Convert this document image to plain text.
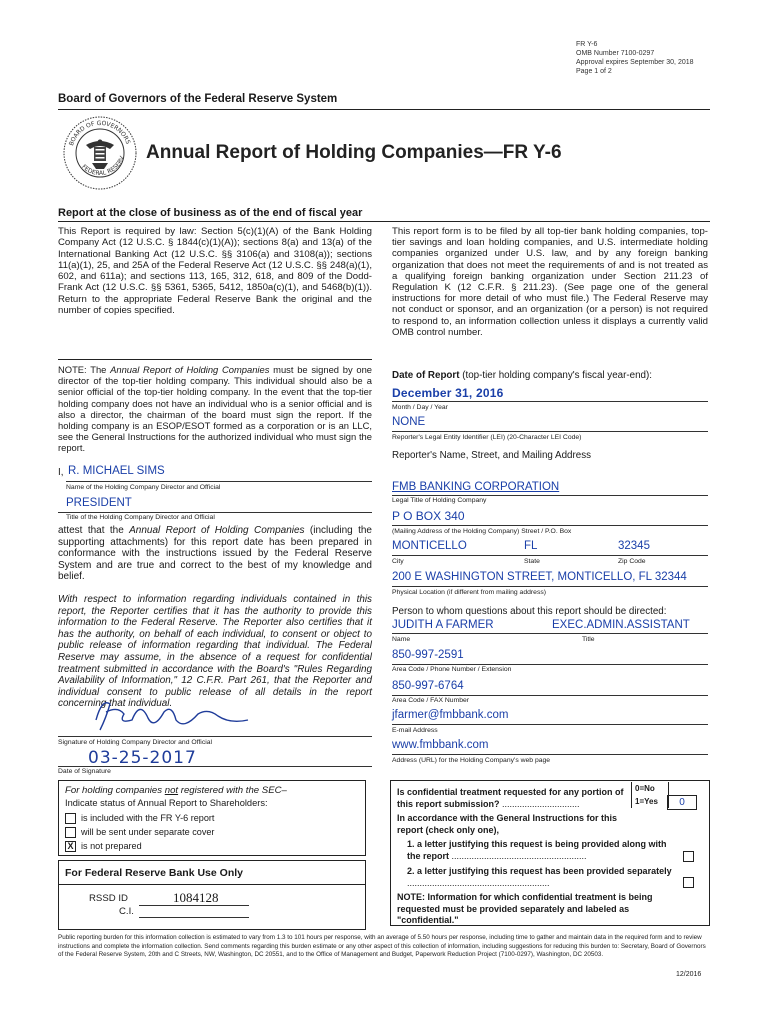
FR Y-6
OMB Number 7100-0297
Approval expires September 30, 2018
Page 1 of 2
Board of Governors of the Federal Reserve System
BOARD OF GOVERNORS
FEDERAL RESERV Annual Report of Holding Companies—FR Y-6
Report at the close of business as of the end of fiscal year
This Report is required by law: Section 5(c)(1)(A) of the Bank Holding Company Act (12 U.S.C. § 1844(c)(1)(A)); sections 8(a) and 13(a) of the International Banking Act (12 U.S.C. §§ 3106(a) and 3108(a)); sections 11(a)(1), 25, and 25A of the Federal Reserve Act (12 U.S.C. §§ 248(a)(1), 602, and 611a); and sections 113, 165, 312, 618, and 809 of the Dodd-Frank Act (12 U.S.C. §§ 5361, 5365, 5412, 1850a(c)(1), and 5468(b)(1)). Return to the appropriate Federal Reserve Bank the original and the number of copies specified.
This report form is to be filed by all top-tier bank holding companies, top-tier savings and loan holding companies, and U.S. intermediate holding companies organized under U.S. law, and by any foreign banking organization that does not meet the requirements of and is not treated as a qualifying foreign banking organization under Section 211.23 of Regulation K (12 C.F.R. § 211.23). (See page one of the general instructions for more detail of who must file.) The Federal Reserve may not conduct or sponsor, and an organization (or a person) is not required to respond to, an information collection unless it displays a currently valid OMB control number.
NOTE: The Annual Report of Holding Companies must be signed by one director of the top-tier holding company. This individual should also be a senior official of the top-tier holding company. In the event that the top-tier holding company does not have an individual who is a senior official and is also a director, the chairman of the board must sign the report. If the holding company is an ESOP/ESOT formed as a corporation or is an LLC, see the General Instructions for the authorized individual who must sign the report.
I, R. MICHAEL SIMS
Name of the Holding Company Director and Official
PRESIDENT
Title of the Holding Company Director and Official
attest that the Annual Report of Holding Companies (including the supporting attachments) for this report date has been prepared in conformance with the instructions issued by the Federal Reserve System and are true and correct to the best of my knowledge and belief.
With respect to information regarding individuals contained in this report, the Reporter certifies that it has the authority to provide this information to the Federal Reserve. The Reporter also certifies that it has the authority, on behalf of each individual, to consent or object to public release of information regarding that individual. The Federal Reserve may assume, in the absence of a request for confidential treatment submitted in accordance with the Board's "Rules Regarding Availability of Information," 12 C.F.R. Part 261, that the Reporter and individual consent to public release of all details in the report concerning that individual.
Signature of Holding Company Director and Official
03-25-2017
Date of Signature
For holding companies not registered with the SEC–
Indicate status of Annual Report to Shareholders:
is included with the FR Y-6 report
will be sent under separate cover
X is not prepared
For Federal Reserve Bank Use Only
RSSD ID	1084128
C.I.
Date of Report (top-tier holding company's fiscal year-end):
December 31, 2016
Month / Day / Year
NONE
Reporter's Legal Entity Identifier (LEI) (20-Character LEI Code)
Reporter's Name, Street, and Mailing Address
FMB BANKING CORPORATION
Legal Title of Holding Company
P O BOX 340
(Mailing Address of the Holding Company) Street / P.O. Box
MONTICELLO	FL	32345
City	State	Zip Code
200 E WASHINGTON STREET, MONTICELLO, FL 32344
Physical Location (if different from mailing address)
Person to whom questions about this report should be directed:
JUDITH A FARMER	EXEC.ADMIN.ASSISTANT
Name	Title
850-997-2591
Area Code / Phone Number / Extension
850-997-6764
Area Code / FAX Number
jfarmer@fmbbank.com
E-mail Address
www.fmbbank.com
Address (URL) for the Holding Company's web page
Is confidential treatment requested for any portion of this report submission? ...............................
0=No
1=Yes	0
In accordance with the General Instructions for this report (check only one),
1. a letter justifying this request is being provided along with the report ......................................................
2. a letter justifying this request has been provided separately .........................................................
NOTE: Information for which confidential treatment is being requested must be provided separately and labeled as "confidential."
Public reporting burden for this information collection is estimated to vary from 1.3 to 101 hours per response, with an average of 5.50 hours per response, including time to gather and maintain data in the required form and to review instructions and complete the information collection. Send comments regarding this burden estimate or any other aspect of this collection of information, including suggestions for reducing this burden to: Secretary, Board of Governors of the Federal Reserve System, 20th and C Streets, NW, Washington, DC 20551, and to the Office of Management and Budget, Paperwork Reduction Project (7100-0297), Washington, DC 20503.
12/2016
